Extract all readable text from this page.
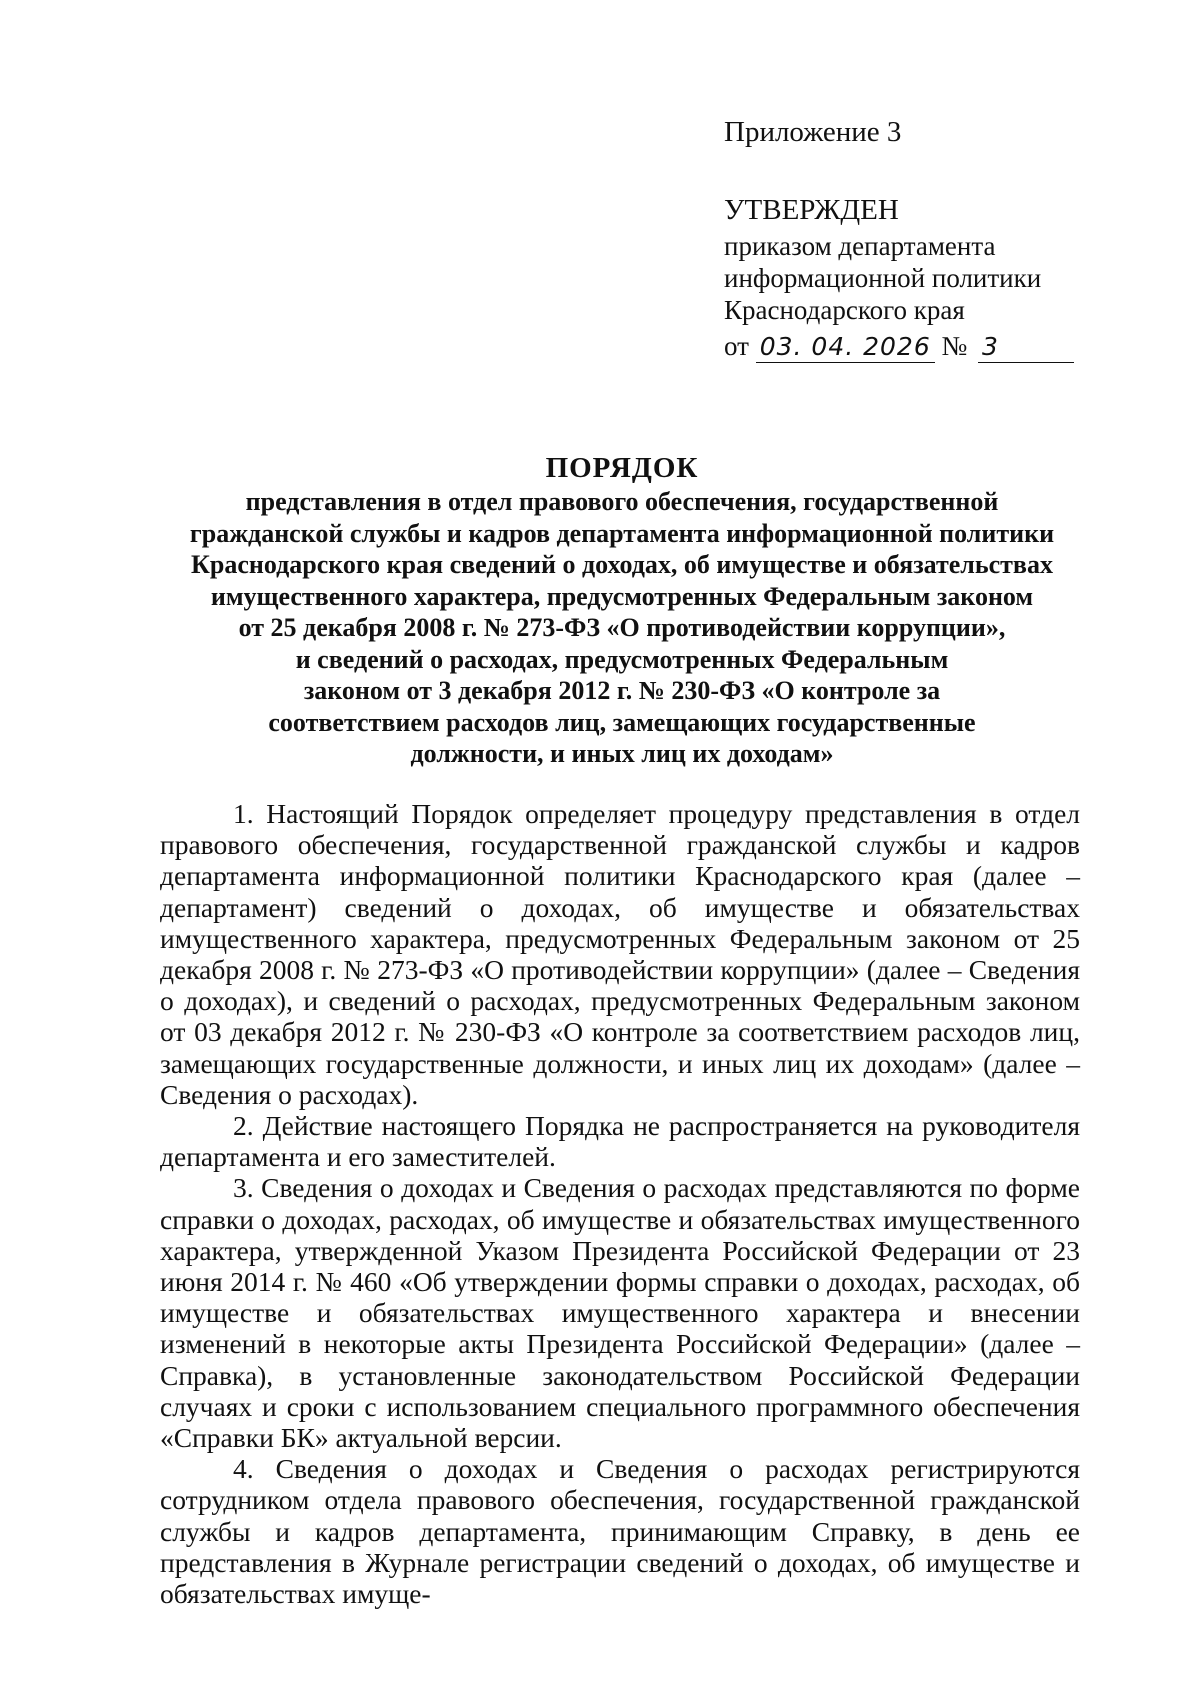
Приложение 3
УТВЕРЖДЕН
приказом департамента
информационной политики
Краснодарского края
от 03. 04. 2026 № 3
ПОРЯДОК
представления в отдел правового обеспечения, государственной
гражданской службы и кадров департамента информационной политики
Краснодарского края сведений о доходах, об имуществе и обязательствах
имущественного характера, предусмотренных Федеральным законом
от 25 декабря 2008 г. № 273-ФЗ «О противодействии коррупции»,
и сведений о расходах, предусмотренных Федеральным
законом от 3 декабря 2012 г. № 230-ФЗ «О контроле за
соответствием расходов лиц, замещающих государственные
должности, и иных лиц их доходам»

1. Настоящий Порядок определяет процедуру представления в отдел правового обеспечения, государственной гражданской службы и кадров департамента информационной политики Краснодарского края (далее – департамент) сведений о доходах, об имуществе и обязательствах имущественного характера, предусмотренных Федеральным законом от 25 декабря 2008 г. № 273-ФЗ «О противодействии коррупции» (далее – Сведения о доходах), и сведений о расходах, предусмотренных Федеральным законом от 03 декабря 2012 г. № 230-ФЗ «О контроле за соответствием расходов лиц, замещающих государственные должности, и иных лиц их доходам» (далее – Сведения о расходах).

2. Действие настоящего Порядка не распространяется на руководителя департамента и его заместителей.

3. Сведения о доходах и Сведения о расходах представляются по форме справки о доходах, расходах, об имуществе и обязательствах имущественного характера, утвержденной Указом Президента Российской Федерации от 23 июня 2014 г. № 460 «Об утверждении формы справки о доходах, расходах, об имуществе и обязательствах имущественного характера и внесении изменений в некоторые акты Президента Российской Федерации» (далее – Справка), в установленные законодательством Российской Федерации случаях и сроки с использованием специального программного обеспечения «Справки БК» актуальной версии.

4. Сведения о доходах и Сведения о расходах регистрируются сотрудником отдела правового обеспечения, государственной гражданской службы и кадров департамента, принимающим Справку, в день ее представления в Журнале регистрации сведений о доходах, об имуществе и обязательствах имуще-
